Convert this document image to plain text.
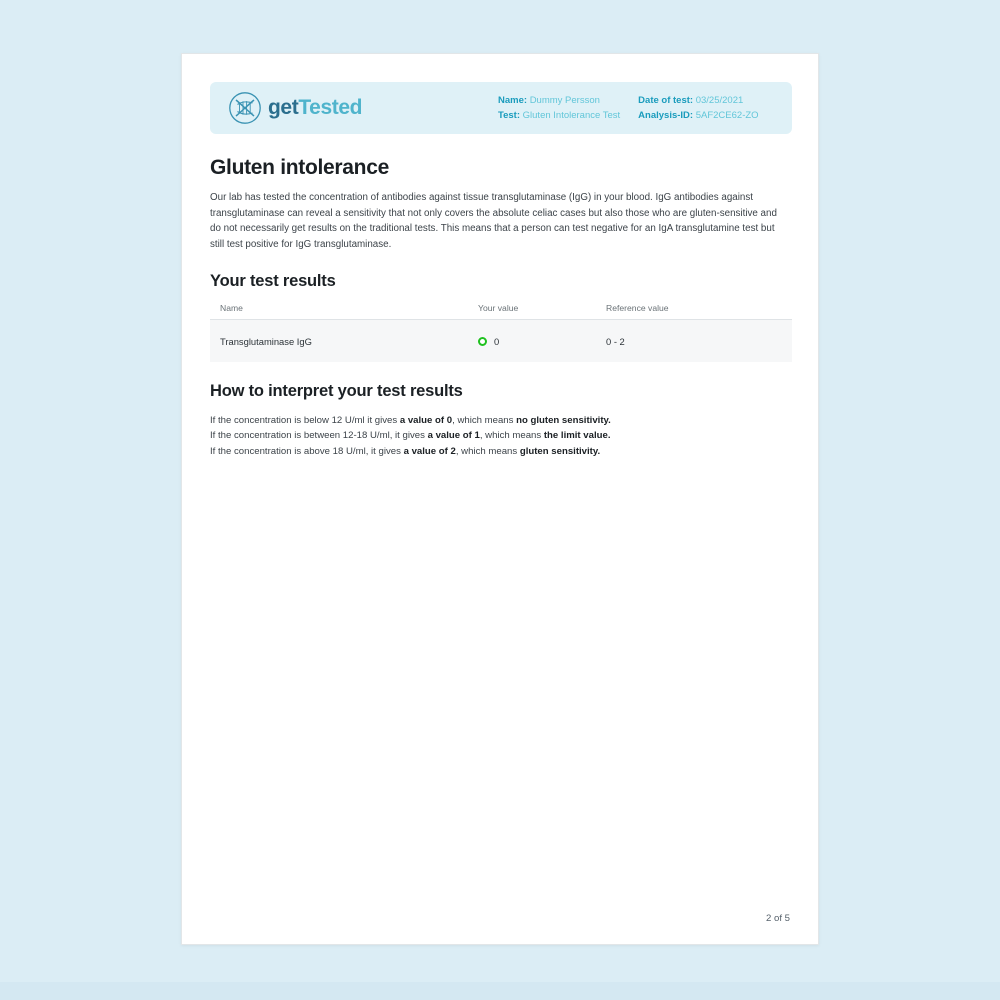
getTested	Name: Dummy Persson
Test: Gluten Intolerance Test
Date of test: 03/25/2021
Analysis-ID: 5AF2CE62-ZO
Gluten intolerance

Our lab has tested the concentration of antibodies against tissue transglutaminase (IgG) in your blood. IgG antibodies against transglutaminase can reveal a sensitivity that not only covers the absolute celiac cases but also those who are gluten-sensitive and do not necessarily get results on the traditional tests. This means that a person can test negative for an IgA transglutamine test but still test positive for IgG transglutaminase.

Your test results
Name	Your value	Reference value
Transglutaminase IgG	0	0 - 2
How to interpret your test results
If the concentration is below 12 U/ml it gives a value of 0, which means no gluten sensitivity.
If the concentration is between 12-18 U/ml, it gives a value of 1, which means the limit value.
If the concentration is above 18 U/ml, it gives a value of 2, which means gluten sensitivity.
2 of 5
